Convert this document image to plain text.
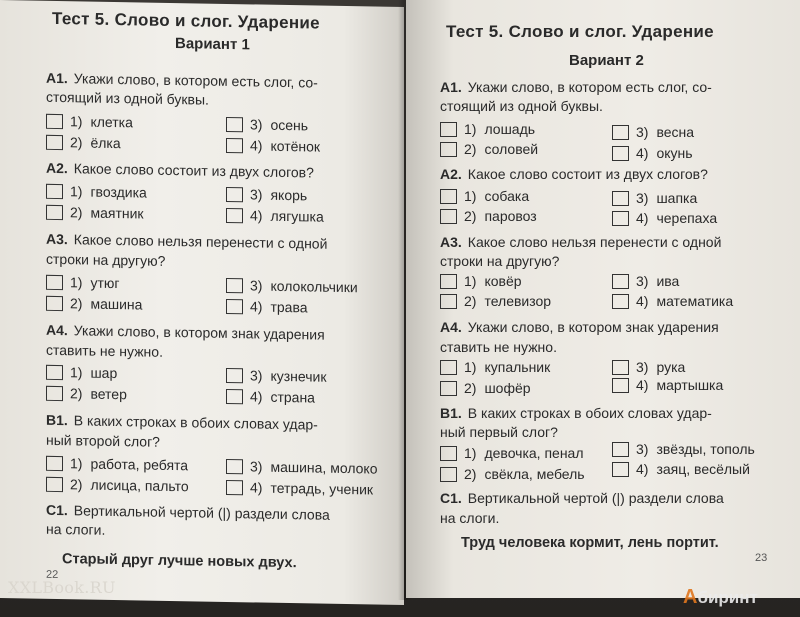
Тест 5. Слово и слог. Ударение
Вариант 1
А1. Укажи слово, в котором есть слог, со-
стоящий из одной буквы.
1) клетка	3) осень
2) ёлка	4) котёнок
А2. Какое слово состоит из двух слогов?
1) гвоздика	3) якорь
2) маятник	4) лягушка
А3. Какое слово нельзя перенести с одной
строки на другую?
1) утюг	3) колокольчики
2) машина	4) трава
А4. Укажи слово, в котором знак ударения
ставить не нужно.
1) шар	3) кузнечик
2) ветер	4) страна
В1. В каких строках в обоих словах удар-
ный второй слог?
1) работа, ребята	3) машина, молоко
2) лисица, пальто	4) тетрадь, ученик
С1. Вертикальной чертой (|) раздели слова
на слоги.
Старый друг лучше новых двух.
22
Тест 5. Слово и слог. Ударение
Вариант 2
А1. Укажи слово, в котором есть слог, со-
стоящий из одной буквы.
1) лошадь	3) весна
2) соловей	4) окунь
А2. Какое слово состоит из двух слогов?
1) собака	3) шапка
2) паровоз	4) черепаха
А3. Какое слово нельзя перенести с одной
строки на другую?
1) ковёр	3) ива
2) телевизор	4) математика
А4. Укажи слово, в котором знак ударения
ставить не нужно.
1) купальник	3) рука
2) шофёр	4) мартышка
В1. В каких строках в обоих словах удар-
ный первый слог?
1) девочка, пенал	3) звёзды, тополь
2) свёкла, мебель	4) заяц, весёлый
С1. Вертикальной чертой (|) раздели слова
на слоги.
Труд человека кормит, лень портит.
23
XXLBook.RU	Aбиринт
